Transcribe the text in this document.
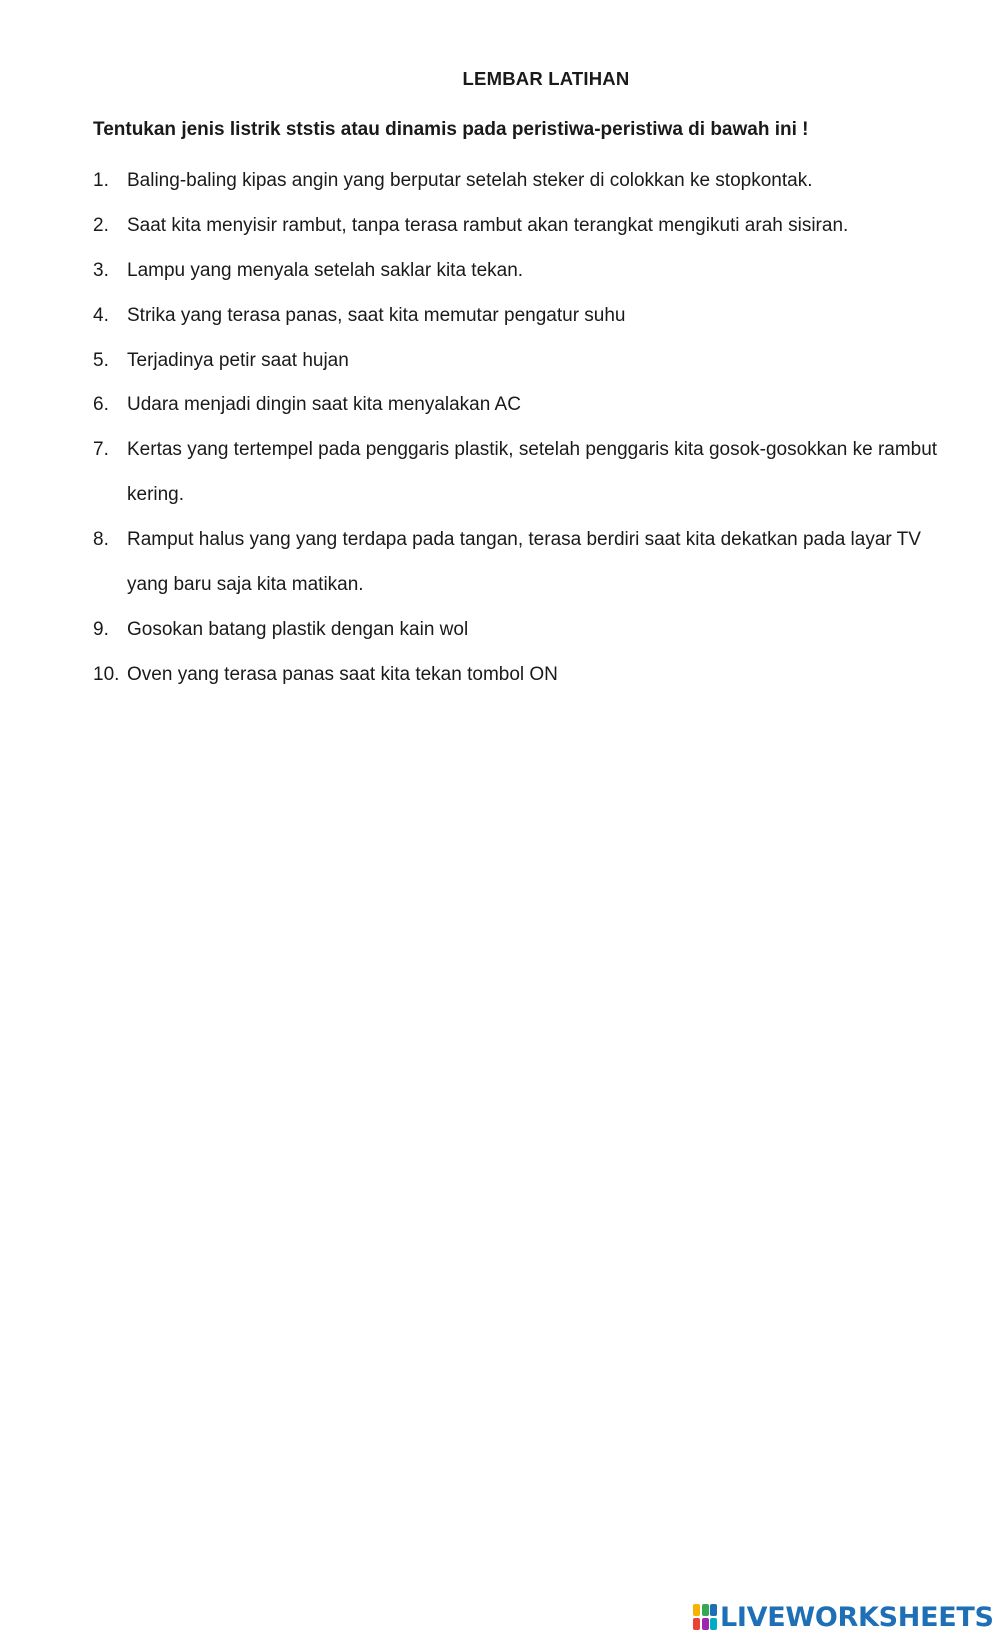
LEMBAR LATIHAN
Tentukan jenis listrik ststis atau dinamis pada peristiwa-peristiwa di bawah ini !
1. Baling-baling kipas angin yang berputar setelah steker di colokkan ke stopkontak.
2. Saat kita menyisir rambut, tanpa terasa rambut akan terangkat mengikuti arah sisiran.
3. Lampu yang menyala setelah saklar kita tekan.
4. Strika yang terasa panas, saat kita memutar pengatur suhu
5. Terjadinya petir saat hujan
6. Udara menjadi dingin saat kita menyalakan AC
7. Kertas yang tertempel pada penggaris plastik, setelah penggaris kita gosok-gosokkan ke rambut kering.
8. Ramput halus yang yang terdapa pada tangan, terasa berdiri saat kita dekatkan pada layar TV yang baru saja kita matikan.
9. Gosokan batang plastik dengan kain wol
10. Oven yang terasa panas saat kita tekan tombol ON
LIVEWORKSHEETS
